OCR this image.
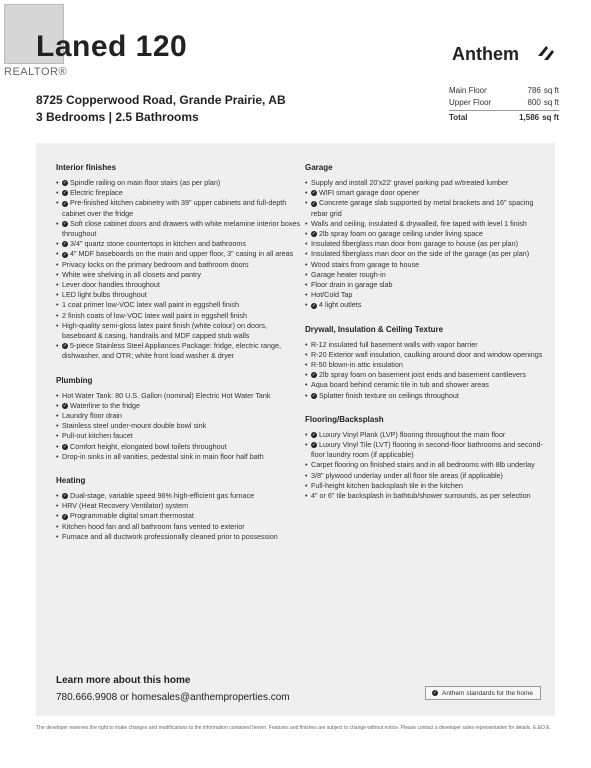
REALTOR®
Laned 120
8725 Copperwood Road, Grande Prairie, AB
3 Bedrooms | 2.5 Bathrooms
Anthem
Main Floor	786 sq ft
Upper Floor	800 sq ft
Total	1,586 sq ft
Interior finishes
• ✓ Spindle railing on main floor stairs (as per plan)
• ✓ Electric fireplace
• ✓ Pre-finished kitchen cabinetry with 39" upper cabinets and full-depth cabinet over the fridge
• ✓ Soft close cabinet doors and drawers with white melamine interior boxes throughout
• ✓ 3/4" quartz stone countertops in kitchen and bathrooms
• ✓ 4" MDF baseboards on the main and upper floor, 3" casing in all areas
• Privacy locks on the primary bedroom and bathroom doors
• White wire shelving in all closets and pantry
• Lever door handles throughout
• LED light bulbs throughout
• 1 coat primer low-VOC latex wall paint in eggshell finish
• 2 finish coats of low-VOC latex wall paint in eggshell finish
• High-quality semi-gloss latex paint finish (white colour) on doors, baseboard & casing, handrails and MDF capped stub walls
• ✓ 5-piece Stainless Steel Appliances Package: fridge, electric range, dishwasher, and OTR; white front load washer & dryer
Plumbing
• Hot Water Tank: 80 U.S. Gallon (nominal) Electric Hot Water Tank
• ✓ Waterline to the fridge
• Laundry floor drain
• Stainless steel under-mount double bowl sink
• Pull-out kitchen faucet
• ✓ Comfort height, elongated bowl toilets throughout
• Drop-in sinks in all vanities, pedestal sink in main floor half bath
Heating
• ✓ Dual-stage, variable speed 96% high-efficient gas furnace
• HRV (Heat Recovery Ventilator) system
• ✓ Programmable digital smart thermostat
• Kitchen hood fan and all bathroom fans vented to exterior
• Furnace and all ductwork professionally cleaned prior to possession
Garage
• Supply and install 20'x22' gravel parking pad w/treated lumber
• ✓ WIFI smart garage door opener
• ✓ Concrete garage slab supported by metal brackets and 16" spacing rebar grid
• Walls and ceiling, insulated & drywalled, fire taped with level 1 finish
• ✓ 2lb spray foam on garage ceiling under living space
• Insulated fiberglass man door from garage to house (as per plan)
• Insulated fiberglass man door on the side of the garage (as per plan)
• Wood stairs from garage to house
• Garage heater rough-in
• Floor drain in garage slab
• Hot/Cold Tap
• ✓ 4 light outlets
Drywall, Insulation & Ceiling Texture
• R-12 insulated full basement walls with vapor barrier
• R-20 Exterior wall insulation, caulking around door and window openings
• R-50 blown-in attic insulation
• ✓ 2lb spray foam on basement joist ends and basement cantilevers
• Aqua board behind ceramic tile in tub and shower areas
• ✓ Splatter finish texture on ceilings throughout
Flooring/Backsplash
• ✓ Luxury Vinyl Plank (LVP) flooring throughout the main floor
• ✓ Luxury Vinyl Tile (LVT) flooring in second-floor bathrooms and second-floor laundry room (if applicable)
• Carpet flooring on finished stairs and in all bedrooms with 8lb underlay
• 3/8" plywood underlay under all floor tile areas (if applicable)
• Full-height kitchen backsplash tile in the kitchen
• 4" or 6" tile backsplash in bathtub/shower surrounds, as per selection
Learn more about this home
780.666.9908 or homesales@anthemproperties.com	✓ Anthem standards for the home
The developer reserves the right to make changes and modifications to the information contained herein. Features and finishes are subject to change without notice. Please contact a developer sales representative for details. E.&O.E.
